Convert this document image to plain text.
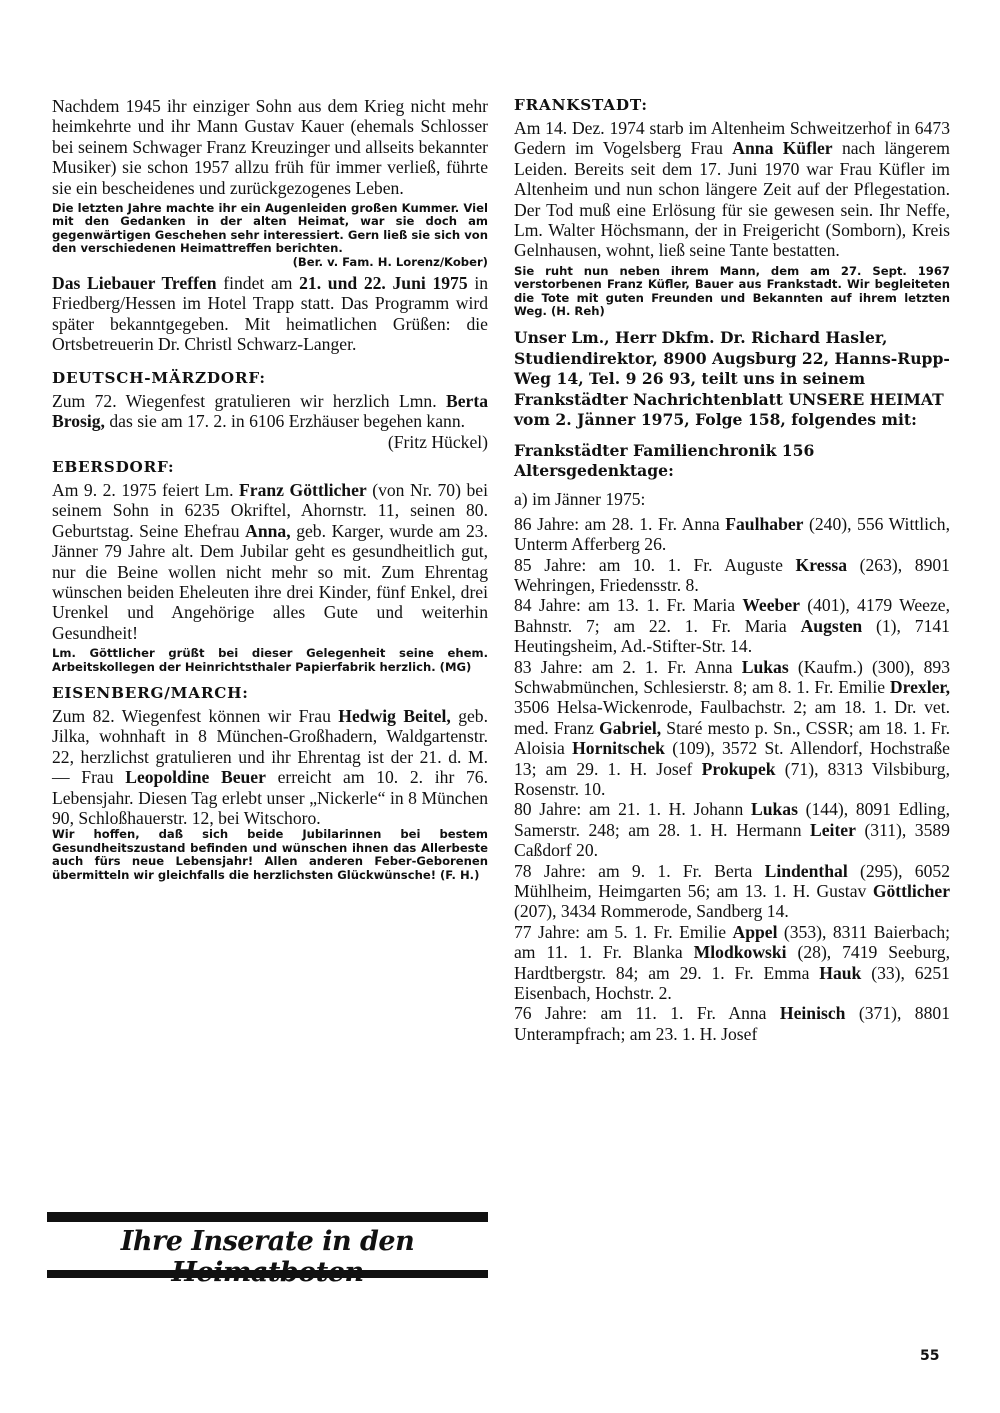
Nachdem 1945 ihr einziger Sohn aus dem Krieg nicht mehr heimkehrte und ihr Mann Gustav Kauer (ehemals Schlosser bei seinem Schwager Franz Kreuzinger und allseits bekannter Musiker) sie schon 1957 allzu früh für immer verließ, führte sie ein bescheidenes und zurückgezogenes Leben.

Die letzten Jahre machte ihr ein Augenleiden großen Kummer. Viel mit den Gedanken in der alten Heimat, war sie doch am gegenwärtigen Geschehen sehr interessiert. Gern ließ sie sich von den verschiedenen Heimattreffen berichten.

(Ber. v. Fam. H. Lorenz/Kober)

Das Liebauer Treffen findet am 21. und 22. Juni 1975 in Friedberg/Hessen im Hotel Trapp statt. Das Programm wird später bekanntgegeben. Mit heimatlichen Grüßen: die Ortsbetreuerin Dr. Christl Schwarz-Langer.

DEUTSCH-MÄRZDORF:

Zum 72. Wiegenfest gratulieren wir herzlich Lmn. Berta Brosig, das sie am 17. 2. in 6106 Erzhäuser begehen kann.

(Fritz Hückel)

EBERSDORF:

Am 9. 2. 1975 feiert Lm. Franz Göttlicher (von Nr. 70) bei seinem Sohn in 6235 Okriftel, Ahornstr. 11, seinen 80. Geburtstag. Seine Ehefrau Anna, geb. Karger, wurde am 23. Jänner 79 Jahre alt. Dem Jubilar geht es gesundheitlich gut, nur die Beine wollen nicht mehr so mit. Zum Ehrentag wünschen beiden Eheleuten ihre drei Kinder, fünf Enkel, drei Urenkel und Angehörige alles Gute und weiterhin Gesundheit!

Lm. Göttlicher grüßt bei dieser Gelegenheit seine ehem. Arbeitskollegen der Heinrichtsthaler Papierfabrik herzlich. (MG)

EISENBERG/MARCH:

Zum 82. Wiegenfest können wir Frau Hedwig Beitel, geb. Jilka, wohnhaft in 8 München-Großhadern, Waldgartenstr. 22, herzlichst gratulieren und ihr Ehrentag ist der 21. d. M. — Frau Leopoldine Beuer erreicht am 10. 2. ihr 76. Lebensjahr. Diesen Tag erlebt unser „Nickerle“ in 8 München 90, Schloßhauerstr. 12, bei Witschoro.

Wir hoffen, daß sich beide Jubilarinnen bei bestem Gesundheitszustand befinden und wünschen ihnen das Allerbeste auch fürs neue Lebensjahr! Allen anderen Feber-Geborenen übermitteln wir gleichfalls die herzlichsten Glückwünsche! (F. H.)

Ihre Inserate in den
FRANKSTADT:

Am 14. Dez. 1974 starb im Altenheim Schweitzerhof in 6473 Gedern im Vogelsberg Frau Anna Küfler nach längerem Leiden. Bereits seit dem 17. Juni 1970 war Frau Küfler im Altenheim und nun schon längere Zeit auf der Pflegestation. Der Tod muß eine Erlösung für sie gewesen sein. Ihr Neffe, Lm. Walter Höchsmann, der in Freigericht (Somborn), Kreis Gelnhausen, wohnt, ließ seine Tante bestatten.

Sie ruht nun neben ihrem Mann, dem am 27. Sept. 1967 verstorbenen Franz Küfler, Bauer aus Frankstadt. Wir begleiteten die Tote mit guten Freunden und Bekannten auf ihrem letzten Weg. (H. Reh)

Unser Lm., Herr Dkfm. Dr. Richard Hasler, Studiendirektor, 8900 Augsburg 22, Hanns-Rupp-Weg 14, Tel. 9 26 93, teilt uns in seinem Frankstädter Nachrichtenblatt UNSERE HEIMAT vom 2. Jänner 1975, Folge 158, folgendes mit:

Frankstädter Familienchronik 156 Altersgedenktage:

a) im Jänner 1975:

86 Jahre: am 28. 1. Fr. Anna Faulhaber (240), 556 Wittlich, Unterm Afferberg 26.

85 Jahre: am 10. 1. Fr. Auguste Kressa (263), 8901 Wehringen, Friedensstr. 8.

84 Jahre: am 13. 1. Fr. Maria Weeber (401), 4179 Weeze, Bahnstr. 7; am 22. 1. Fr. Maria Augsten (1), 7141 Heutingsheim, Ad.-Stifter-Str. 14.

83 Jahre: am 2. 1. Fr. Anna Lukas (Kaufm.) (300), 893 Schwabmünchen, Schlesierstr. 8; am 8. 1. Fr. Emilie Drexler, 3506 Helsa-Wickenrode, Faulbachstr. 2; am 18. 1. Dr. vet. med. Franz Gabriel, Staré mesto p. Sn., CSSR; am 18. 1. Fr. Aloisia Hornitschek (109), 3572 St. Allendorf, Hochstraße 13; am 29. 1. H. Josef Prokupek (71), 8313 Vilsbiburg, Rosenstr. 10.

80 Jahre: am 21. 1. H. Johann Lukas (144), 8091 Edling, Samerstr. 248; am 28. 1. H. Hermann Leiter (311), 3589 Caßdorf 20.

78 Jahre: am 9. 1. Fr. Berta Lindenthal (295), 6052 Mühlheim, Heimgarten 56; am 13. 1. H. Gustav Göttlicher (207), 3434 Rommerode, Sandberg 14.

77 Jahre: am 5. 1. Fr. Emilie Appel (353), 8311 Baierbach; am 11. 1. Fr. Blanka Mlodkowski (28), 7419 Seeburg, Hardtbergstr. 84; am 29. 1. Fr. Emma Hauk (33), 6251 Eisenbach, Hochstr. 2.

76 Jahre: am 11. 1. Fr. Anna Heinisch (371), 8801 Unterampfrach; am 23. 1. H. Josef

55
